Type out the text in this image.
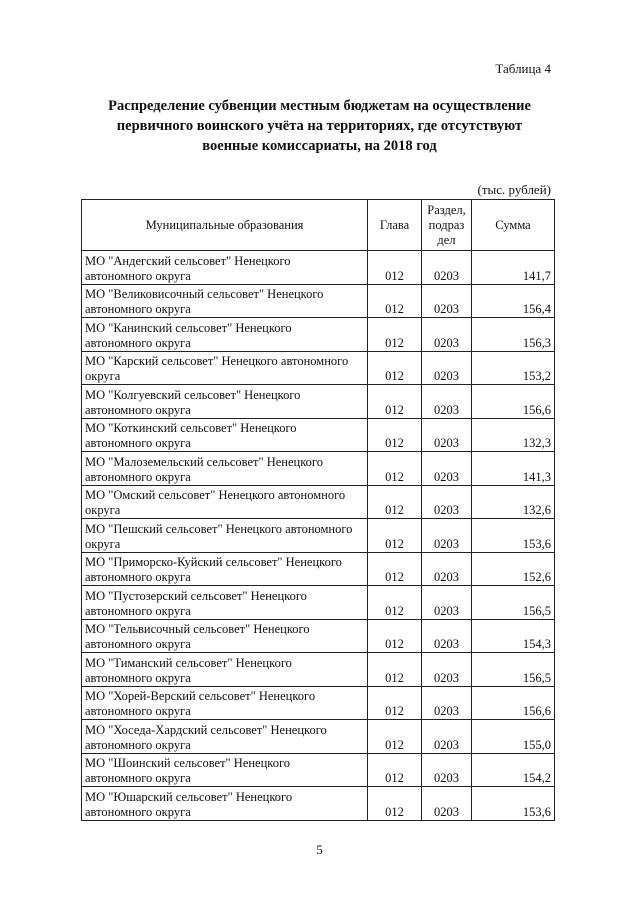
Таблица 4
Распределение субвенции местным бюджетам на осуществление
первичного воинского учёта на территориях, где отсутствуют
военные комиссариаты, на 2018 год
(тыс. рублей)
Муниципальные образования	Глава	Раздел,
подраз
дел	Сумма

МО "Андегский сельсовет" Ненецкого
автономного округа	012	0203	141,7

МО "Великовисочный сельсовет" Ненецкого
автономного округа	012	0203	156,4

МО "Канинский сельсовет" Ненецкого
автономного округа	012	0203	156,3

МО "Карский сельсовет" Ненецкого автономного
округа	012	0203	153,2

МО "Колгуевский сельсовет" Ненецкого
автономного округа	012	0203	156,6

МО "Коткинский сельсовет" Ненецкого
автономного округа	012	0203	132,3

МО "Малоземельский сельсовет" Ненецкого
автономного округа	012	0203	141,3

МО "Омский сельсовет" Ненецкого автономного
округа	012	0203	132,6

МО "Пешский сельсовет" Ненецкого автономного
округа	012	0203	153,6

МО "Приморско-Куйский сельсовет" Ненецкого
автономного округа	012	0203	152,6

МО "Пустозерский сельсовет" Ненецкого
автономного округа	012	0203	156,5

МО "Тельвисочный сельсовет" Ненецкого
автономного округа	012	0203	154,3

МО "Тиманский сельсовет" Ненецкого
автономного округа	012	0203	156,5

МО "Хорей-Верский сельсовет" Ненецкого
автономного округа	012	0203	156,6

МО "Хоседа-Хардский сельсовет" Ненецкого
автономного округа	012	0203	155,0

МО "Шоинский сельсовет" Ненецкого
автономного округа	012	0203	154,2

МО "Юшарский сельсовет" Ненецкого
автономного округа	012	0203	153,6
5
